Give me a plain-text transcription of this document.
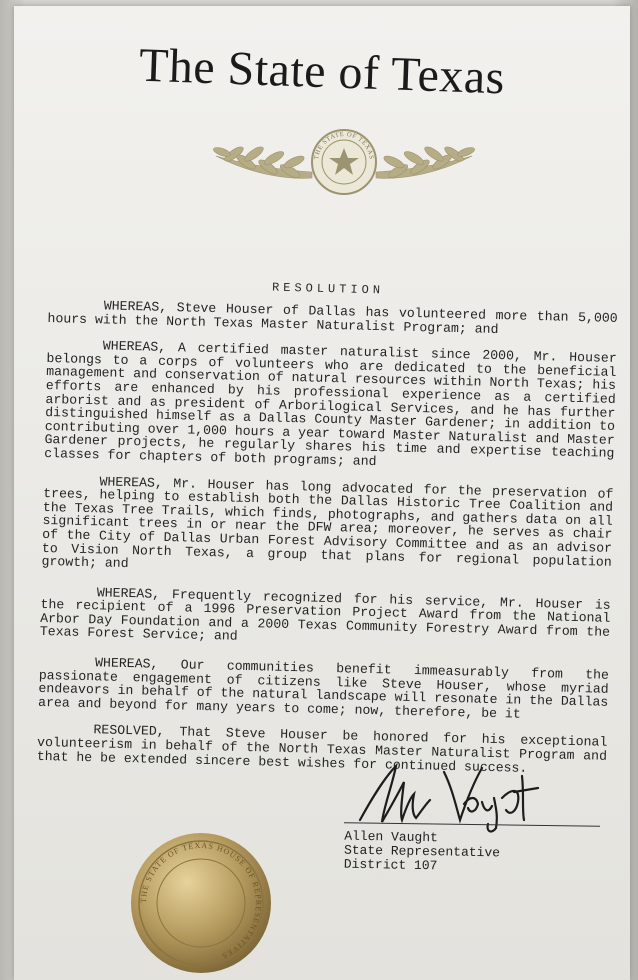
The State of Texas
THE STATE OF TEXAS
RESOLUTION

WHEREAS, Steve Houser of Dallas has volunteered more than 5,000 hours with the North Texas Master Naturalist Program; and

WHEREAS, A certified master naturalist since 2000, Mr. Houser belongs to a corps of volunteers who are dedicated to the beneficial management and conservation of natural resources within North Texas; his efforts are enhanced by his professional experience as a certified arborist and as president of Arborilogical Services, and he has further distinguished himself as a Dallas County Master Gardener; in addition to contributing over 1,000 hours a year toward Master Naturalist and Master Gardener projects, he regularly shares his time and expertise teaching classes for chapters of both programs; and

WHEREAS, Mr. Houser has long advocated for the preservation of trees, helping to establish both the Dallas Historic Tree Coalition and the Texas Tree Trails, which finds, photographs, and gathers data on all significant trees in or near the DFW area; moreover, he serves as chair of the City of Dallas Urban Forest Advisory Committee and as an advisor to Vision North Texas, a group that plans for regional population growth; and

WHEREAS, Frequently recognized for his service, Mr. Houser is the recipient of a 1996 Preservation Project Award from the National Arbor Day Foundation and a 2000 Texas Community Forestry Award from the Texas Forest Service; and

WHEREAS, Our communities benefit immeasurably from the passionate engagement of citizens like Steve Houser, whose myriad endeavors in behalf of the natural landscape will resonate in the Dallas area and beyond for many years to come; now, therefore, be it

RESOLVED, That Steve Houser be honored for his exceptional volunteerism in behalf of the North Texas Master Naturalist Program and that he be extended sincere best wishes for continued success.

Allen Vaught
State Representative
District 107
THE STATE OF TEXAS HOUSE OF REPRESENTATIVES
